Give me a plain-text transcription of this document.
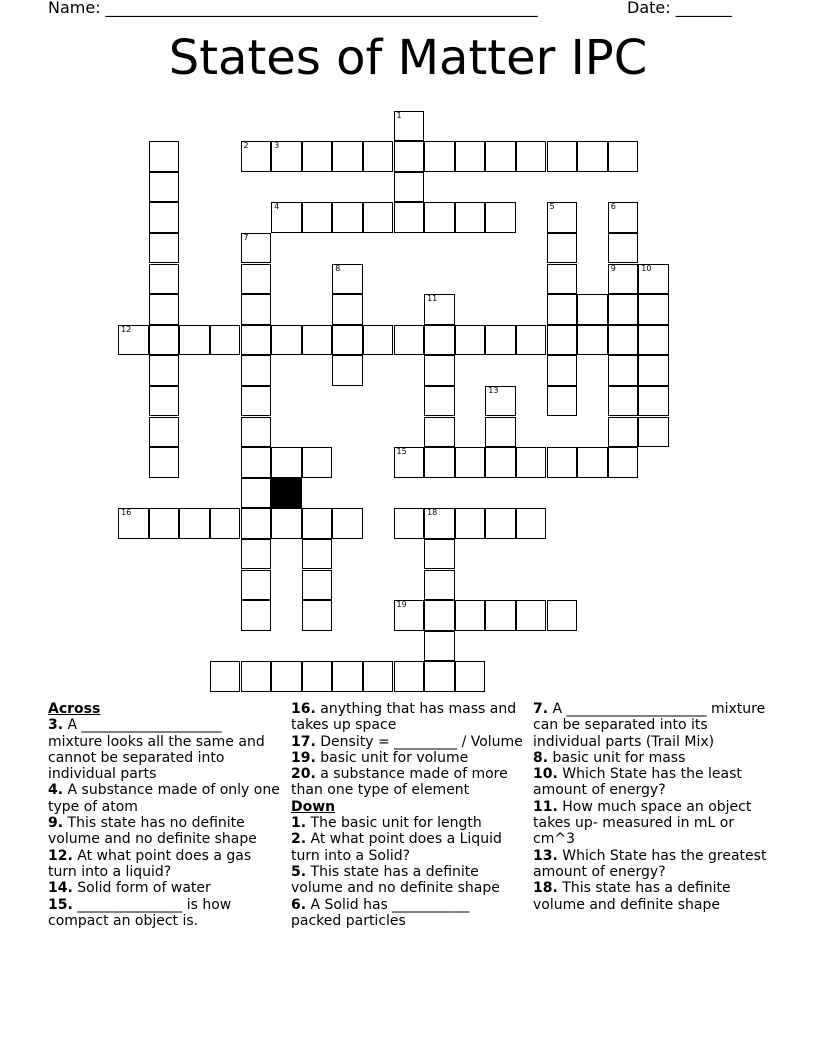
Name: ______________________________________________________	Date: _______
States of Matter IPC
1
2	3
4	5	6
9
7
8	10
11
12
13
15
16	18
19
Across
3. A ____________________ mixture looks all the same and cannot be separated into individual parts
4. A substance made of only one type of atom
9. This state has no definite volume and no definite shape
12. At what point does a gas turn into a liquid?
14. Solid form of water
15. _______________ is how compact an object is.
16. anything that has mass and takes up space
17. Density = _________ / Volume
19. basic unit for volume
20. a substance made of more than one type of element
Down
1. The basic unit for length
2. At what point does a Liquid turn into a Solid?
5. This state has a definite volume and no definite shape
6. A Solid has ___________ packed particles
7. A ____________________ mixture can be separated into its individual parts (Trail Mix)
8. basic unit for mass
10. Which State has the least amount of energy?
11. How much space an object takes up- measured in mL or cm^3
13. Which State has the greatest amount of energy?
18. This state has a definite volume and definite shape
